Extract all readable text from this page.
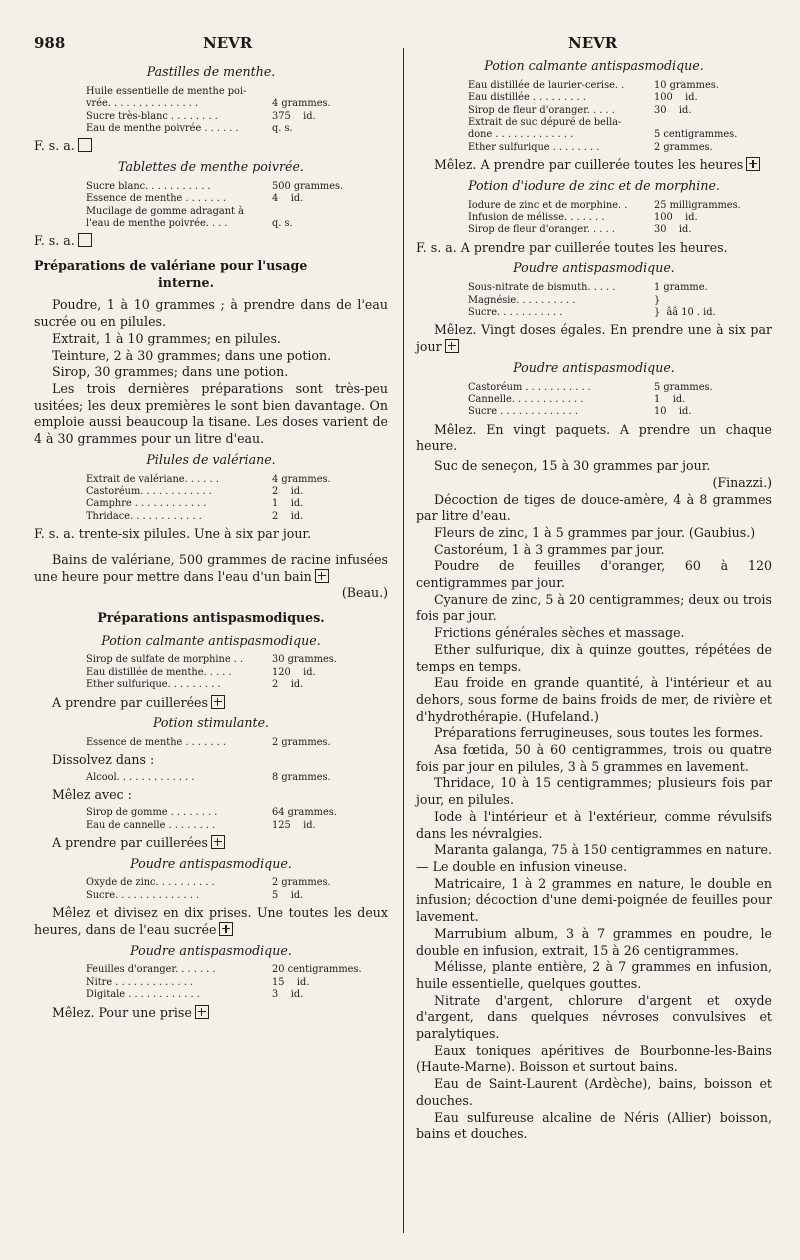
988	NEVR	NEVR
Pastilles de menthe.
Huile essentielle de menthe poi-
vrée. . . . . . . . . . . . . . .	4 grammes.
Sucre très-blanc . . . . . . . .	375    id.
Eau de menthe poivrée . . . . . .	q. s.
F. s. a.
Tablettes de menthe poivrée.
Sucre blanc. . . . . . . . . . .	500 grammes.
Essence de menthe . . . . . . .	4    id.
Mucilage de gomme adragant à
l'eau de menthe poivrée. . . .	q. s.
F. s. a.
Préparations de valériane pour l'usage
interne.

Poudre, 1 à 10 grammes ; à prendre dans de l'eau sucrée ou en pilules.

Extrait, 1 à 10 grammes; en pilules.

Teinture, 2 à 30 grammes; dans une potion.

Sirop, 30 grammes; dans une potion.

Les trois dernières préparations sont très-peu usitées; les deux premières le sont bien davantage. On emploie aussi beaucoup la tisane. Les doses varient de 4 à 30 grammes pour un litre d'eau.

Pilules de valériane.
Extrait de valériane. . . . . .	4 grammes.
Castoréum. . . . . . . . . . . .	2    id.
Camphre . . . . . . . . . . . .	1    id.
Thridace. . . . . . . . . . . .	2    id.
F. s. a. trente-six pilules. Une à six par jour.

Bains de valériane, 500 grammes de racine infusées une heure pour mettre dans l'eau d'un bain

(Beau.)
Préparations antispasmodiques.
Potion calmante antispasmodique.
Sirop de sulfate de morphine . .	30 grammes.
Eau distillée de menthe. . . . .	120    id.
Ether sulfurique. . . . . . . . .	2    id.
A prendre par cuillerées
Potion stimulante.
Essence de menthe . . . . . . .	2 grammes.
Dissolvez dans :
Alcool. . . . . . . . . . . . .	8 grammes.
Mêlez avec :
Sirop de gomme . . . . . . . .	64 grammes.
Eau de cannelle . . . . . . . .	125    id.
A prendre par cuillerées
Poudre antispasmodique.
Oxyde de zinc. . . . . . . . . .	2 grammes.
Sucre. . . . . . . . . . . . . .	5    id.
Mêlez et divisez en dix prises. Une toutes les deux heures, dans de l'eau sucrée
Poudre antispasmodique.
Feuilles d'oranger. . . . . . .	20 centigrammes.
Nitre . . . . . . . . . . . . .	15    id.
Digitale . . . . . . . . . . . .	3    id.
Mêlez. Pour une prise
Potion calmante antispasmodique.
Eau distillée de laurier-cerise. .	10 grammes.
Eau distillée . . . . . . . . .	100    id.
Sirop de fleur d'oranger. . . . .	30    id.
Extrait de suc dépuré de bella-
done . . . . . . . . . . . . .	5 centigrammes.
Ether sulfurique . . . . . . . .	2 grammes.
Mêlez. A prendre par cuillerée toutes les heures
Potion d'iodure de zinc et de morphine.
Iodure de zinc et de morphine. .	25 milligrammes.
Infusion de mélisse. . . . . . .	100    id.
Sirop de fleur d'oranger. . . . .	30    id.
F. s. a. A prendre par cuillerée toutes les heures.
Poudre antispasmodique.
Sous-nitrate de bismuth. . . . .	1 gramme.
Magnésie. . . . . . . . . .	}
Sucre. . . . . . . . . . .	}  ââ 10 . id.
Mêlez. Vingt doses égales. En prendre une à six par jour
Poudre antispasmodique.
Castoréum . . . . . . . . . . .	5 grammes.
Cannelle. . . . . . . . . . . .	1    id.
Sucre . . . . . . . . . . . . .	10    id.
Mêlez. En vingt paquets. A prendre un chaque heure.

Suc de seneçon, 15 à 30 grammes par jour.

(Finazzi.)

Décoction de tiges de douce-amère, 4 à 8 grammes par litre d'eau.

Fleurs de zinc, 1 à 5 grammes par jour. (Gaubius.)

Castoréum, 1 à 3 grammes par jour.

Poudre de feuilles d'oranger, 60 à 120 centigrammes par jour.

Cyanure de zinc, 5 à 20 centigrammes; deux ou trois fois par jour.

Frictions générales sèches et massage.

Ether sulfurique, dix à quinze gouttes, répétées de temps en temps.

Eau froide en grande quantité, à l'intérieur et au dehors, sous forme de bains froids de mer, de rivière et d'hydrothérapie. (Hufeland.)

Préparations ferrugineuses, sous toutes les formes.

Asa fœtida, 50 à 60 centigrammes, trois ou quatre fois par jour en pilules, 3 à 5 grammes en lavement.

Thridace, 10 à 15 centigrammes; plusieurs fois par jour, en pilules.

Iode à l'intérieur et à l'extérieur, comme révulsifs dans les névralgies.

Maranta galanga, 75 à 150 centigrammes en nature. — Le double en infusion vineuse.

Matricaire, 1 à 2 grammes en nature, le double en infusion; décoction d'une demi-poignée de feuilles pour lavement.

Marrubium album, 3 à 7 grammes en poudre, le double en infusion, extrait, 15 à 26 centigrammes.

Mélisse, plante entière, 2 à 7 grammes en infusion, huile essentielle, quelques gouttes.

Nitrate d'argent, chlorure d'argent et oxyde d'argent, dans quelques névroses convulsives et paralytiques.

Eaux toniques apéritives de Bourbonne-les-Bains (Haute-Marne). Boisson et surtout bains.

Eau de Saint-Laurent (Ardèche), bains, boisson et douches.

Eau sulfureuse alcaline de Néris (Allier) boisson, bains et douches.
